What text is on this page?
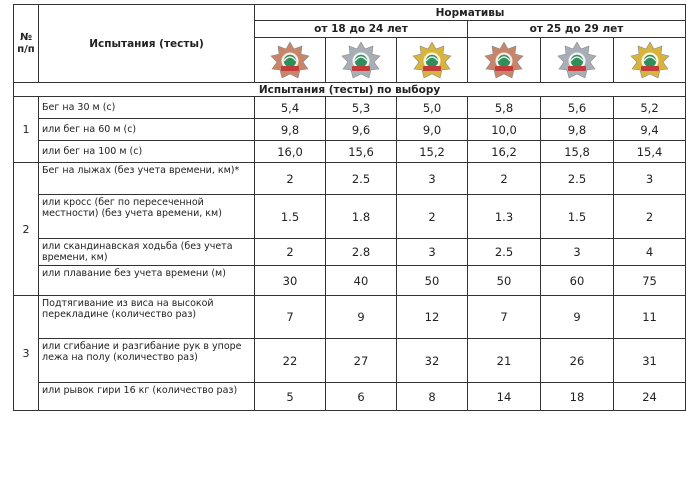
№ п/п	Испытания (тесты)	Нормативы					
		от 18 до 24 лет			от 25 до 29 лет		

Испытания (тесты) по выбору							
1	Бег на 30 м (с)	5,4	5,3	5,0	5,8	5,6	5,2
	или бег на 60 м (с)	9,8	9,6	9,0	10,0	9,8	9,4
	или бег на 100 м (с)	16,0	15,6	15,2	16,2	15,8	15,4
2	Бег на лыжах (без учета времени, км)*	2	2.5	3	2	2.5	3
	или кросс (бег по пересеченной местности) (без учета времени, км)	1.5	1.8	2	1.3	1.5	2
	или скандинавская ходьба (без учета времени, км)	2	2.8	3	2.5	3	4
	или плавание без учета времени (м)	30	40	50	50	60	75
3	Подтягивание из виса на высокой перекладине (количество раз)	7	9	12	7	9	11
	или сгибание и разгибание рук в упоре лежа на полу (количество раз)	22	27	32	21	26	31
	или рывок гири 16 кг (количество раз)	5	6	8	14	18	24
